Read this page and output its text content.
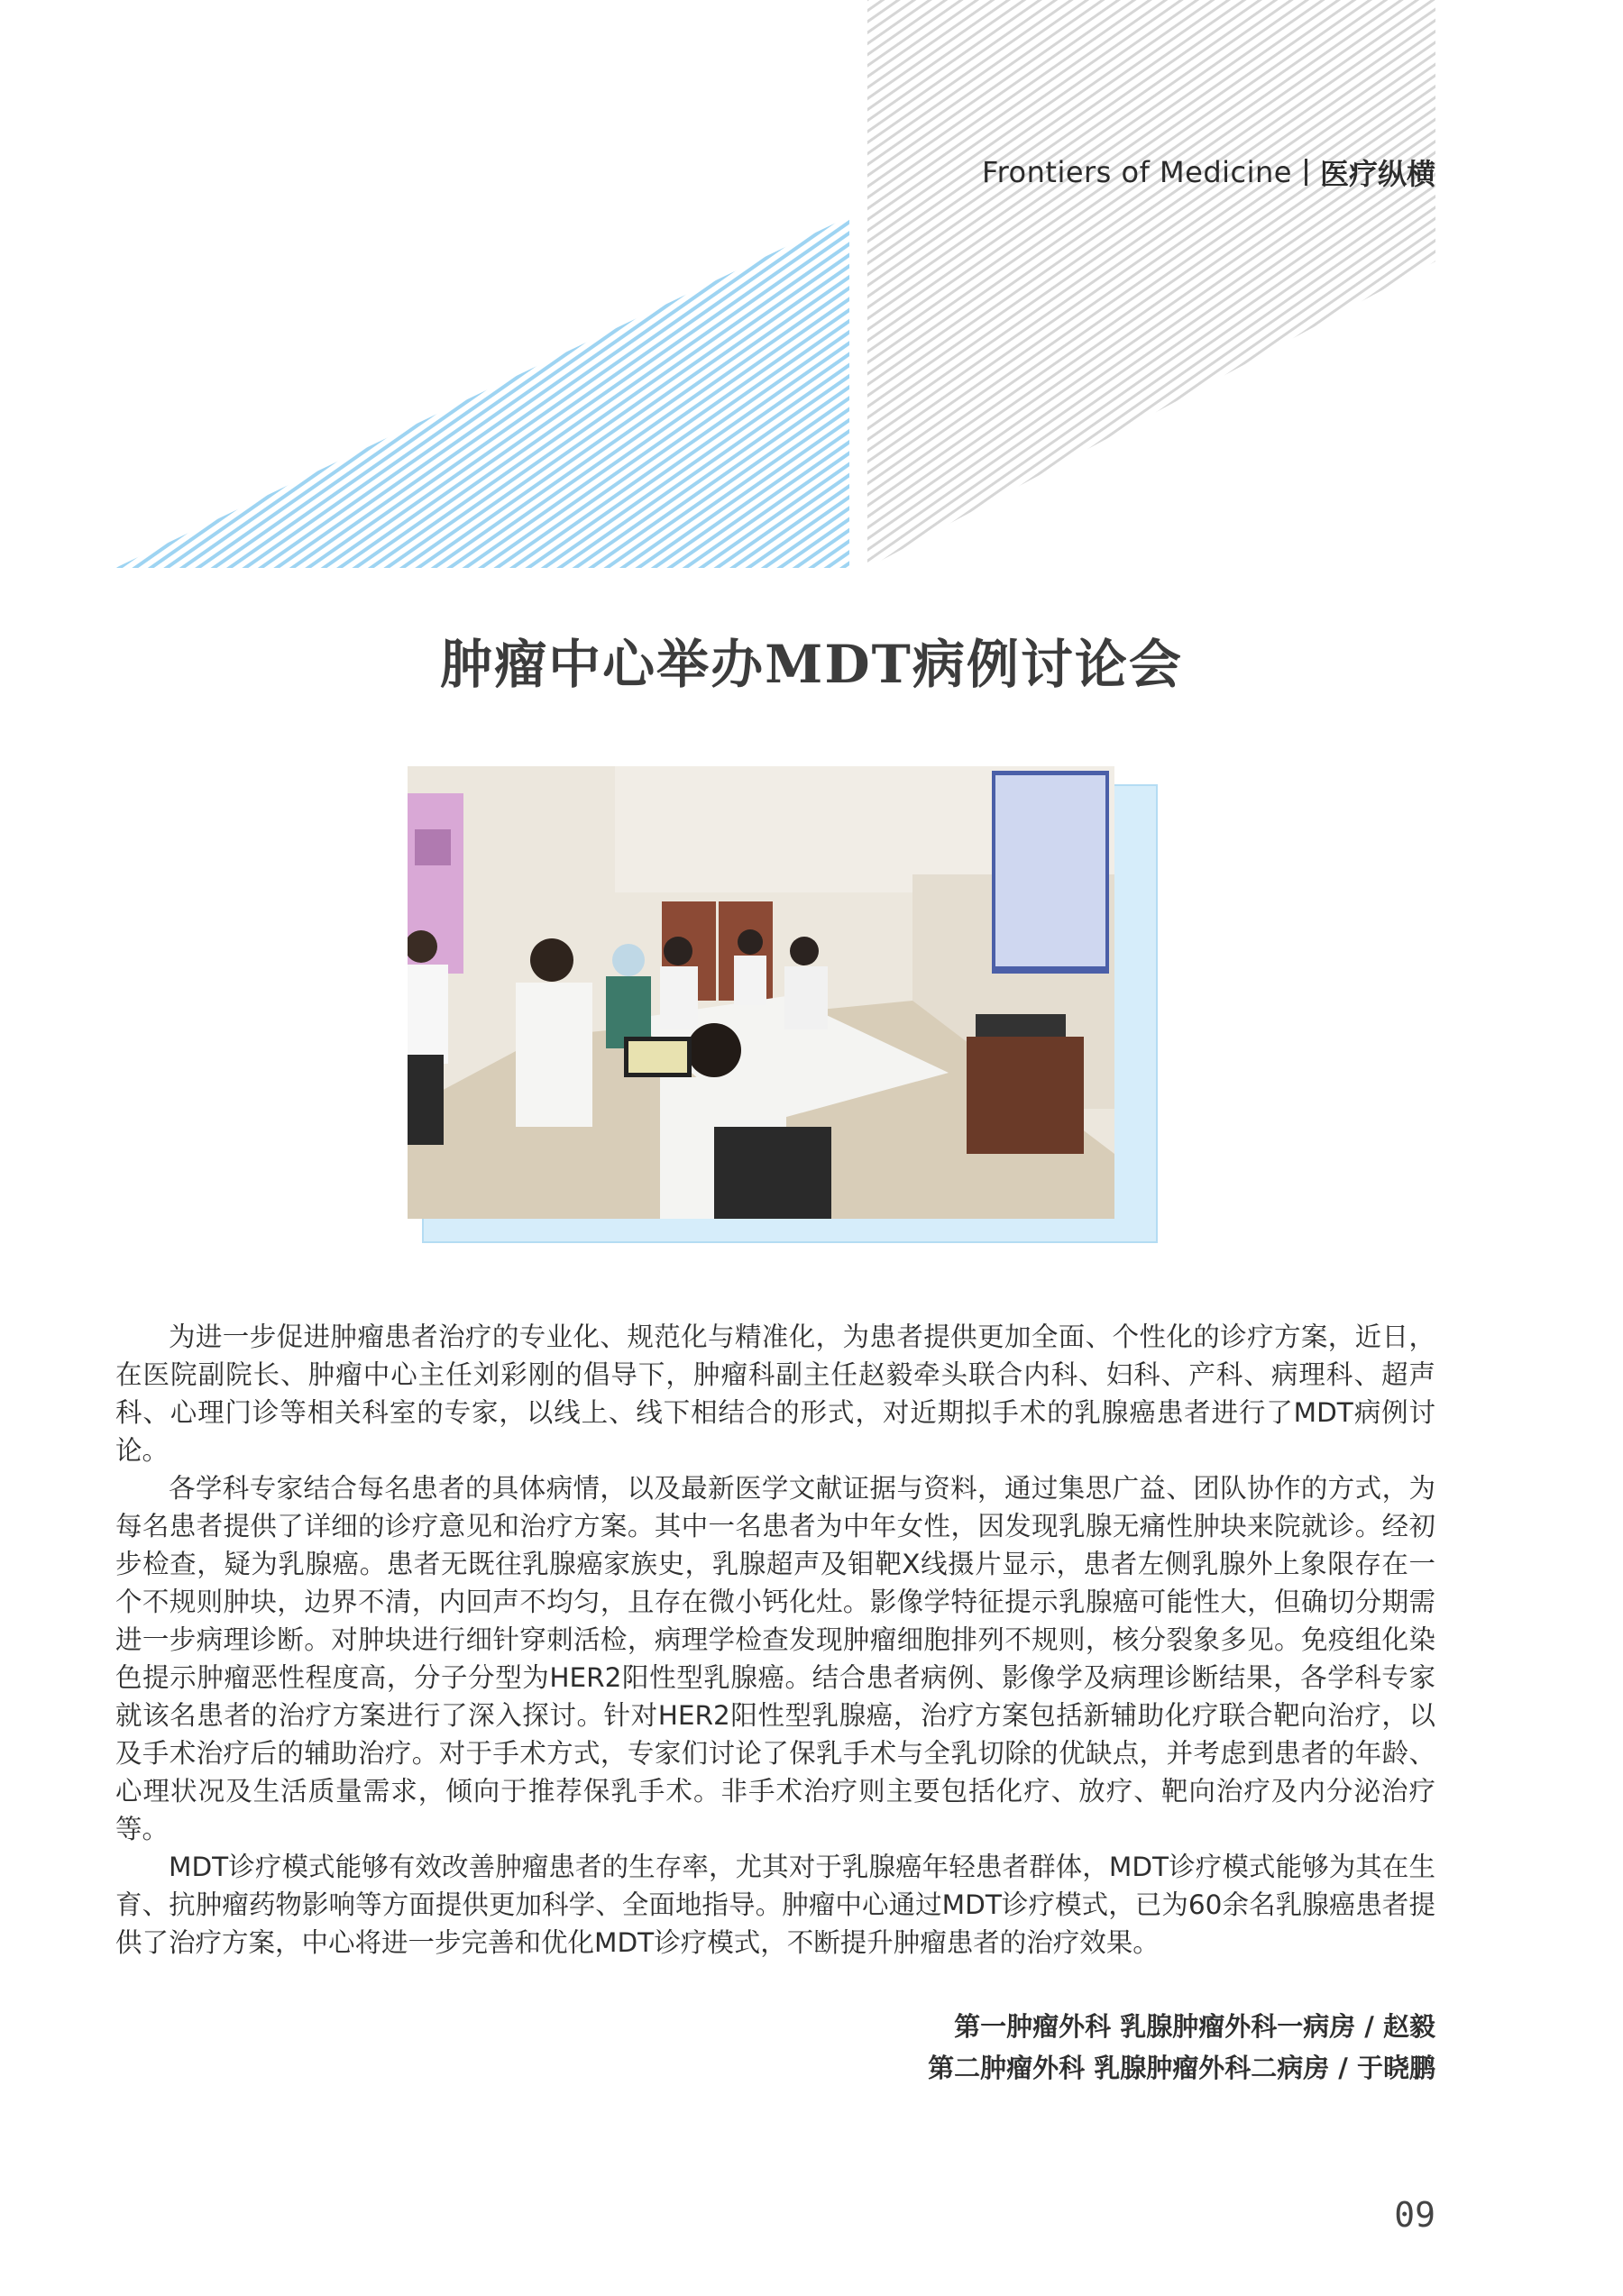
Frontiers of Medicine 医疗纵横
肿瘤中心举办MDT病例讨论会

为进一步促进肿瘤患者治疗的专业化、规范化与精准化，为患者提供更加全面、个性化的诊疗方案，近日，在医院副院长、肿瘤中心主任刘彩刚的倡导下，肿瘤科副主任赵毅牵头联合内科、妇科、产科、病理科、超声科、心理门诊等相关科室的专家，以线上、线下相结合的形式，对近期拟手术的乳腺癌患者进行了MDT病例讨论。

各学科专家结合每名患者的具体病情，以及最新医学文献证据与资料，通过集思广益、团队协作的方式，为每名患者提供了详细的诊疗意见和治疗方案。其中一名患者为中年女性，因发现乳腺无痛性肿块来院就诊。经初步检查，疑为乳腺癌。患者无既往乳腺癌家族史，乳腺超声及钼靶X线摄片显示，患者左侧乳腺外上象限存在一个不规则肿块，边界不清，内回声不均匀，且存在微小钙化灶。影像学特征提示乳腺癌可能性大，但确切分期需进一步病理诊断。对肿块进行细针穿刺活检，病理学检查发现肿瘤细胞排列不规则，核分裂象多见。免疫组化染色提示肿瘤恶性程度高，分子分型为HER2阳性型乳腺癌。结合患者病例、影像学及病理诊断结果，各学科专家就该名患者的治疗方案进行了深入探讨。针对HER2阳性型乳腺癌，治疗方案包括新辅助化疗联合靶向治疗，以及手术治疗后的辅助治疗。对于手术方式，专家们讨论了保乳手术与全乳切除的优缺点，并考虑到患者的年龄、心理状况及生活质量需求，倾向于推荐保乳手术。非手术治疗则主要包括化疗、放疗、靶向治疗及内分泌治疗等。

MDT诊疗模式能够有效改善肿瘤患者的生存率，尤其对于乳腺癌年轻患者群体，MDT诊疗模式能够为其在生育、抗肿瘤药物影响等方面提供更加科学、全面地指导。肿瘤中心通过MDT诊疗模式，已为60余名乳腺癌患者提供了治疗方案，中心将进一步完善和优化MDT诊疗模式，不断提升肿瘤患者的治疗效果。

第一肿瘤外科 乳腺肿瘤外科一病房 / 赵毅
第二肿瘤外科 乳腺肿瘤外科二病房 / 于晓鹏
09
